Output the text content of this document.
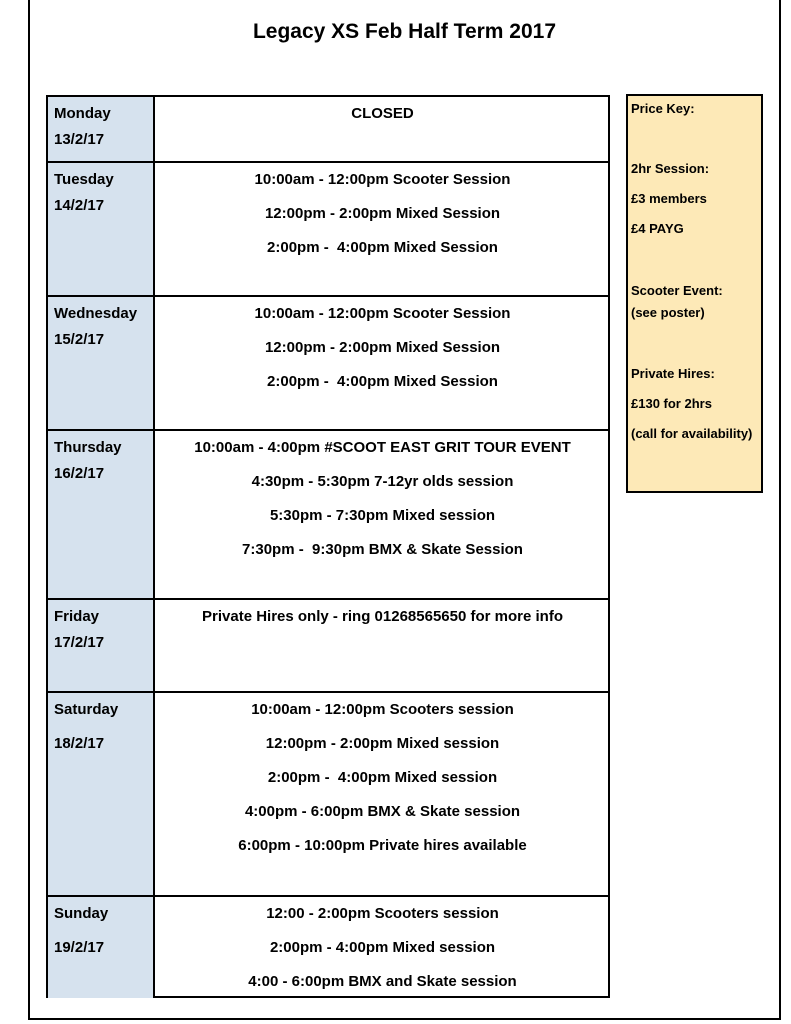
Legacy XS Feb Half Term 2017
Monday
13/2/17
CLOSED
Tuesday
14/2/17
10:00am - 12:00pm Scooter Session
12:00pm - 2:00pm Mixed Session
2:00pm -  4:00pm Mixed Session
Wednesday
15/2/17
10:00am - 12:00pm Scooter Session
12:00pm - 2:00pm Mixed Session
2:00pm -  4:00pm Mixed Session
Thursday
16/2/17
10:00am - 4:00pm #SCOOT EAST GRIT TOUR EVENT
4:30pm - 5:30pm 7-12yr olds session
5:30pm - 7:30pm Mixed session
7:30pm -  9:30pm BMX & Skate Session
Friday
17/2/17
Private Hires only - ring 01268565650 for more info
Saturday
18/2/17
10:00am - 12:00pm Scooters session
12:00pm - 2:00pm Mixed session
2:00pm -  4:00pm Mixed session
4:00pm - 6:00pm BMX & Skate session
6:00pm - 10:00pm Private hires available
Sunday
19/2/17
12:00 - 2:00pm Scooters session
2:00pm - 4:00pm Mixed session
4:00 - 6:00pm BMX and Skate session
Price Key:
2hr Session:
£3 members
£4 PAYG
Scooter Event:
(see poster)
Private Hires:
£130 for 2hrs
(call for availability)
